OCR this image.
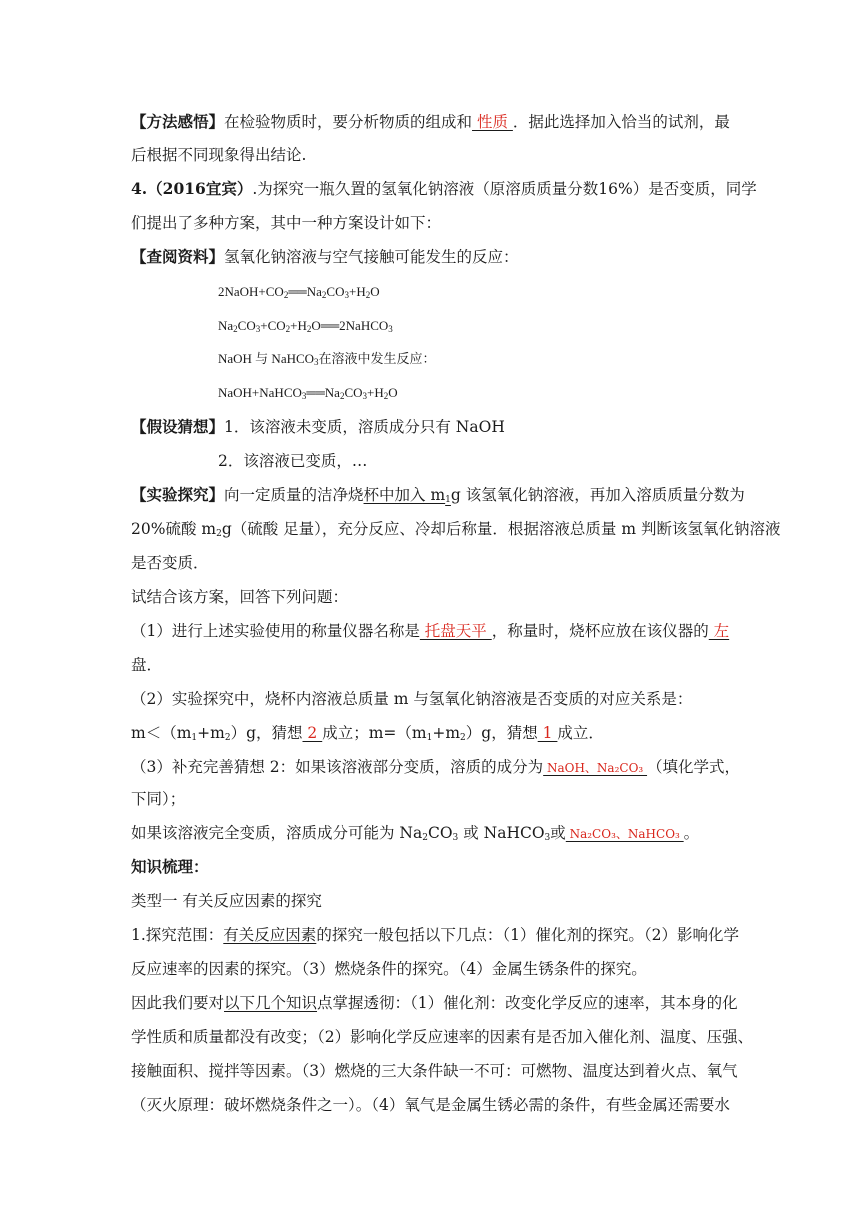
【方法感悟】在检验物质时，要分析物质的组成和 性质 ．据此选择加入恰当的试剂，最
后根据不同现象得出结论.
4.（2016宜宾）.为探究一瓶久置的氢氧化钠溶液（原溶质质量分数16%）是否变质，同学
们提出了多种方案，其中一种方案设计如下：
【查阅资料】氢氧化钠溶液与空气接触可能发生的反应：
$2NaOH+CO_2══Na_2CO_3+H_2O$
$Na_2CO_3+CO_2+H_2O══2NaHCO_3$
NaOH 与 NaHCO$_3$在溶液中发生反应：
$NaOH+NaHCO_3══Na_2CO_3+H_2O$
【假设猜想】1．该溶液未变质，溶质成分只有 NaOH
2．该溶液已变质，…
【实验探究】向一定质量的洁净烧杯中加入 $m_1g$ 该氢氧化钠溶液，再加入溶质质量分数为
20%硫酸 $m_2g$（硫酸 足量），充分反应、冷却后称量．根据溶液总质量 m 判断该氢氧化钠溶液
是否变质．
试结合该方案，回答下列问题：
（1）进行上述实验使用的称量仪器名称是 托盘天平 ，称量时，烧杯应放在该仪器的 左
盘．
（2）实验探究中，烧杯内溶液总质量 m 与氢氧化钠溶液是否变质的对应关系是：
$m<(m_1+m_2)g$，猜想 2 成立；$m=(m_1+m_2)g$，猜想 1 成立．
（3）补充完善猜想 2：如果该溶液部分变质，溶质的成分为 NaOH、Na₂CO₃ （填化学式，
下同）；
如果该溶液完全变质，溶质成分可能为 $Na_2CO_3$ 或 NaHCO$_3$或 Na₂CO₃、NaHCO₃ 。
知识梳理：
类型一 有关反应因素的探究
1.探究范围：有关反应因素的探究一般包括以下几点：（1）催化剂的探究。（2）影响化学
反应速率的因素的探究。（3）燃烧条件的探究。（4）金属生锈条件的探究。
因此我们要对以下几个知识点掌握透彻：（1）催化剂：改变化学反应的速率，其本身的化
学性质和质量都没有改变；（2）影响化学反应速率的因素有是否加入催化剂、温度、压强、
接触面积、搅拌等因素。（3）燃烧的三大条件缺一不可：可燃物、温度达到着火点、氧气
（灭火原理：破坏燃烧条件之一）。（4）氧气是金属生锈必需的条件，有些金属还需要水
